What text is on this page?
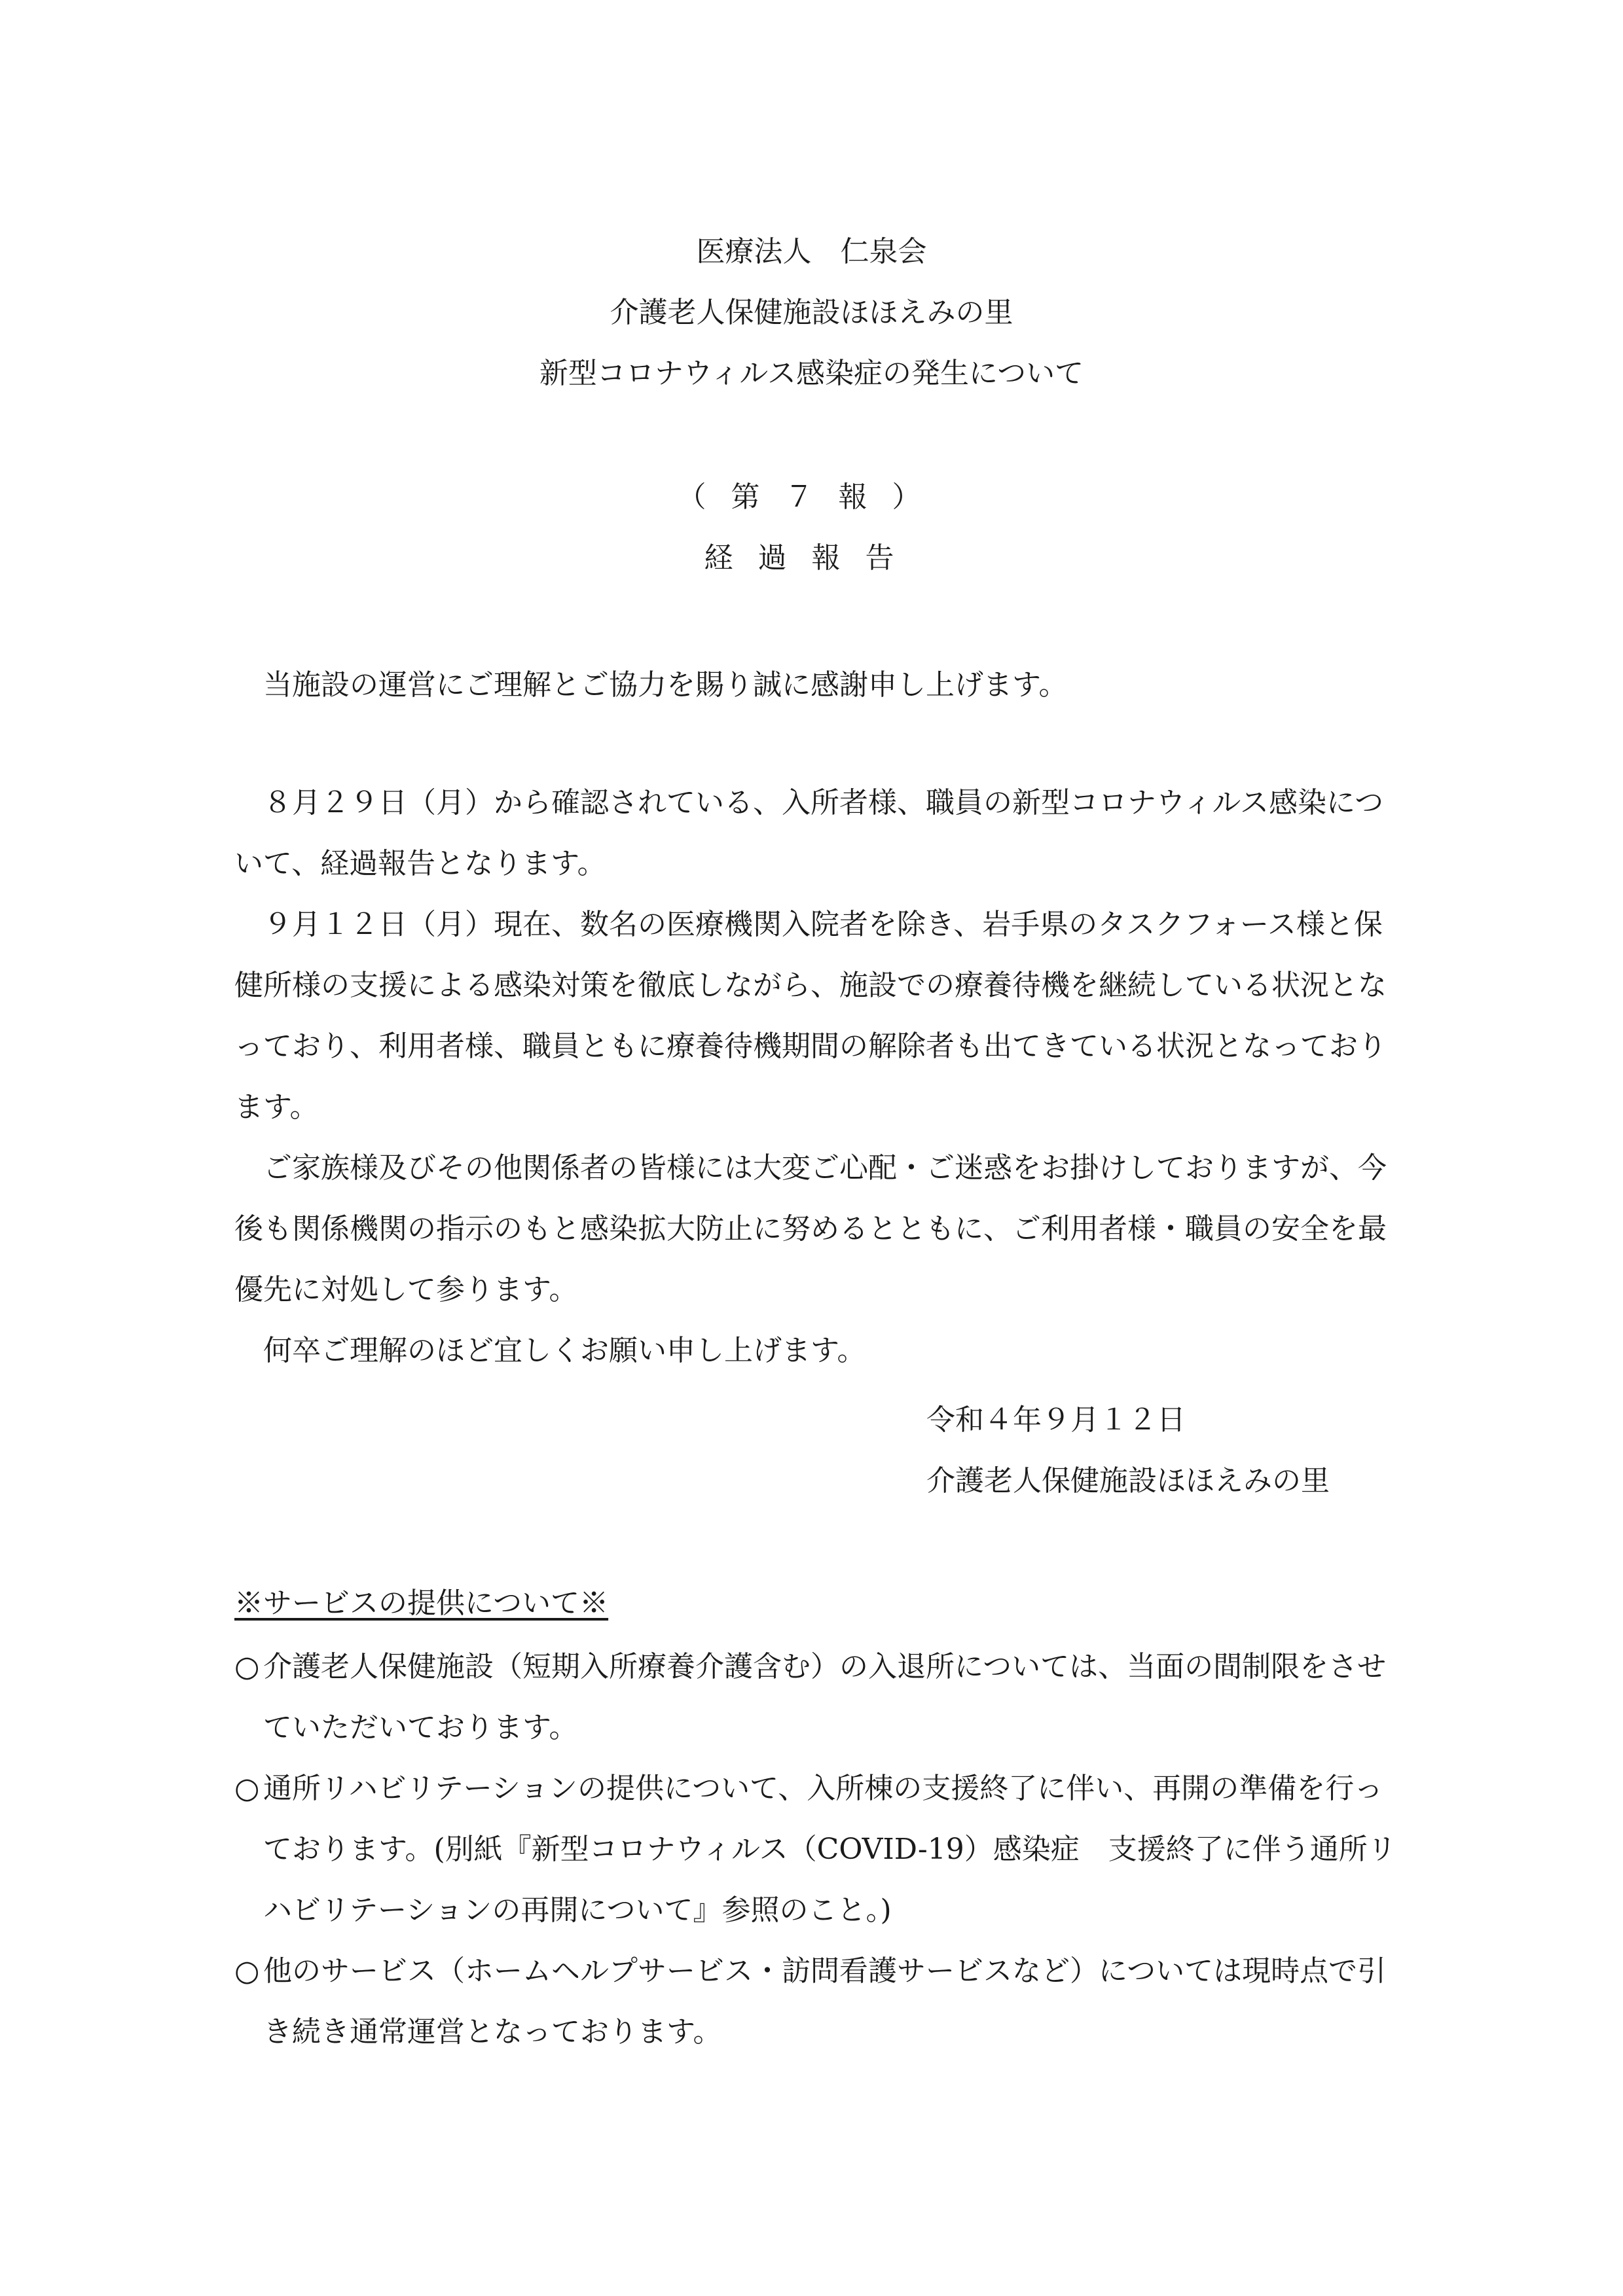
医療法人　仁泉会
介護老人保健施設ほほえみの里
新型コロナウィルス感染症の発生について
（第７報）
経過報告

当施設の運営にご理解とご協力を賜り誠に感謝申し上げます。

８月２９日（月）から確認されている、入所者様、職員の新型コロナウィルス感染について、経過報告となります。

９月１２日（月）現在、数名の医療機関入院者を除き、岩手県のタスクフォース様と保健所様の支援による感染対策を徹底しながら、施設での療養待機を継続している状況となっており、利用者様、職員ともに療養待機期間の解除者も出てきている状況となっております。

ご家族様及びその他関係者の皆様には大変ご心配・ご迷惑をお掛けしておりますが、今後も関係機関の指示のもと感染拡大防止に努めるとともに、ご利用者様・職員の安全を最優先に対処して参ります。

何卒ご理解のほど宜しくお願い申し上げます。

令和４年９月１２日
介護老人保健施設ほほえみの里
※サービスの提供について※
○ 介護老人保健施設（短期入所療養介護含む）の入退所については、当面の間制限をさせていただいております。
○ 通所リハビリテーションの提供について、入所棟の支援終了に伴い、再開の準備を行っております。(別紙『新型コロナウィルス（COVID-19）感染症　支援終了に伴う通所リハビリテーションの再開について』参照のこと。)
○ 他のサービス（ホームヘルプサービス・訪問看護サービスなど）については現時点で引き続き通常運営となっております。
